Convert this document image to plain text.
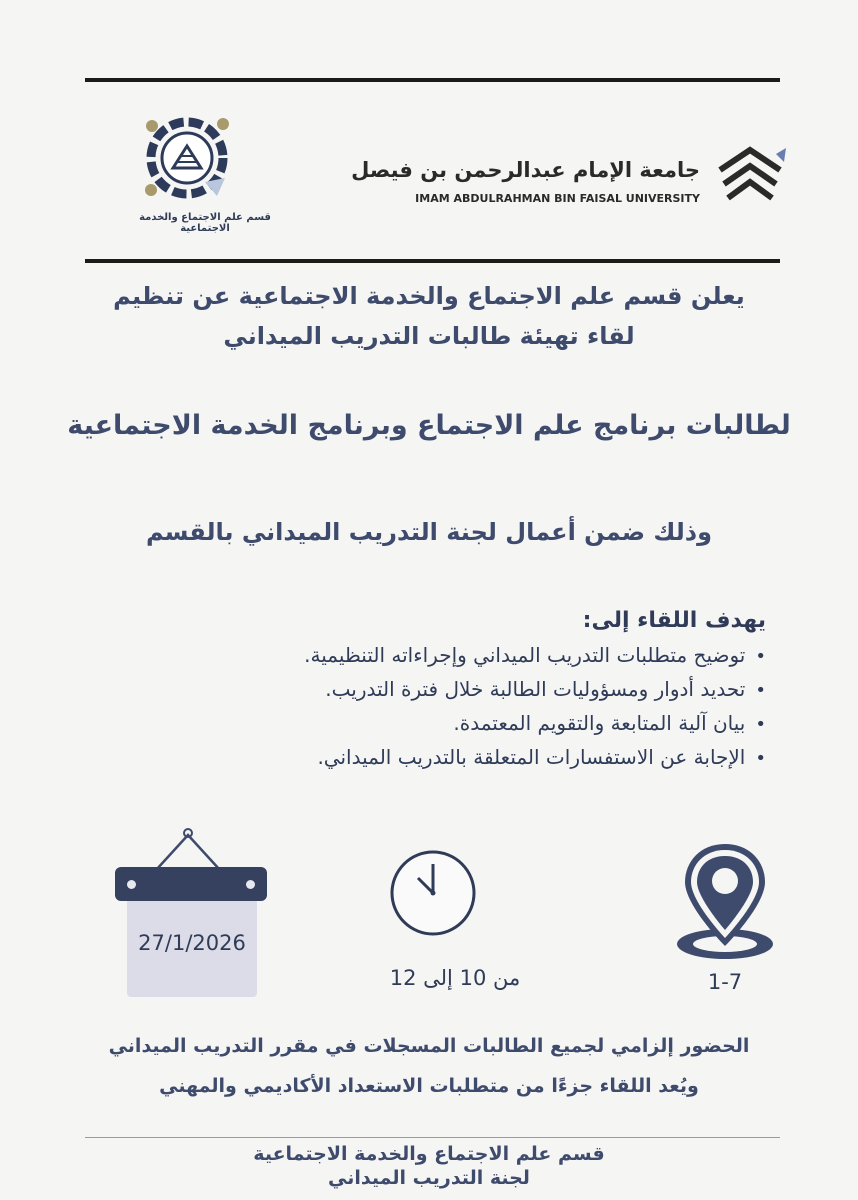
قسم علم الاجتماع والخدمة الاجتماعية
جامعة الإمام عبدالرحمن بن فيصل
IMAM ABDULRAHMAN BIN FAISAL UNIVERSITY
يعلن قسم علم الاجتماع والخدمة الاجتماعية عن تنظيم
لقاء تهيئة طالبات التدريب الميداني
لطالبات برنامج علم الاجتماع وبرنامج الخدمة الاجتماعية
وذلك ضمن أعمال لجنة التدريب الميداني بالقسم
يهدف اللقاء إلى:
• توضيح متطلبات التدريب الميداني وإجراءاته التنظيمية.
• تحديد أدوار ومسؤوليات الطالبة خلال فترة التدريب.
• بيان آلية المتابعة والتقويم المعتمدة.
• الإجابة عن الاستفسارات المتعلقة بالتدريب الميداني.
27/1/2026
من 10 إلى 12	1-7
الحضور إلزامي لجميع الطالبات المسجلات في مقرر التدريب الميداني
ويُعد اللقاء جزءًا من متطلبات الاستعداد الأكاديمي والمهني
قسم علم الاجتماع والخدمة الاجتماعية
لجنة التدريب الميداني
